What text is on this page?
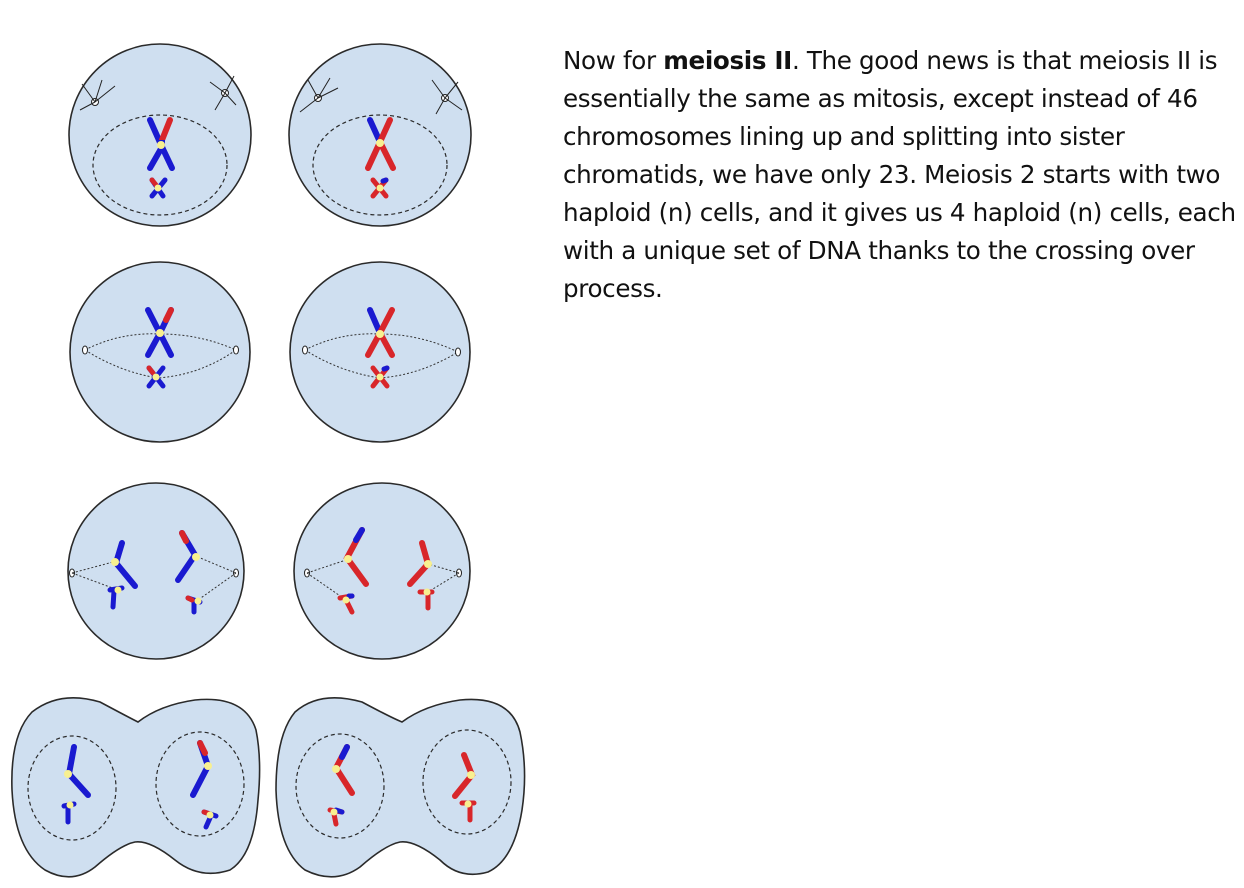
Now for meiosis II. The good news is that meiosis II is essentially the same as mitosis, except instead of 46 chromosomes lining up and splitting into sister chromatids, we have only 23. Meiosis 2 starts with two haploid (n) cells, and it gives us 4 haploid (n) cells, each with a unique set of DNA thanks to the crossing over process.
